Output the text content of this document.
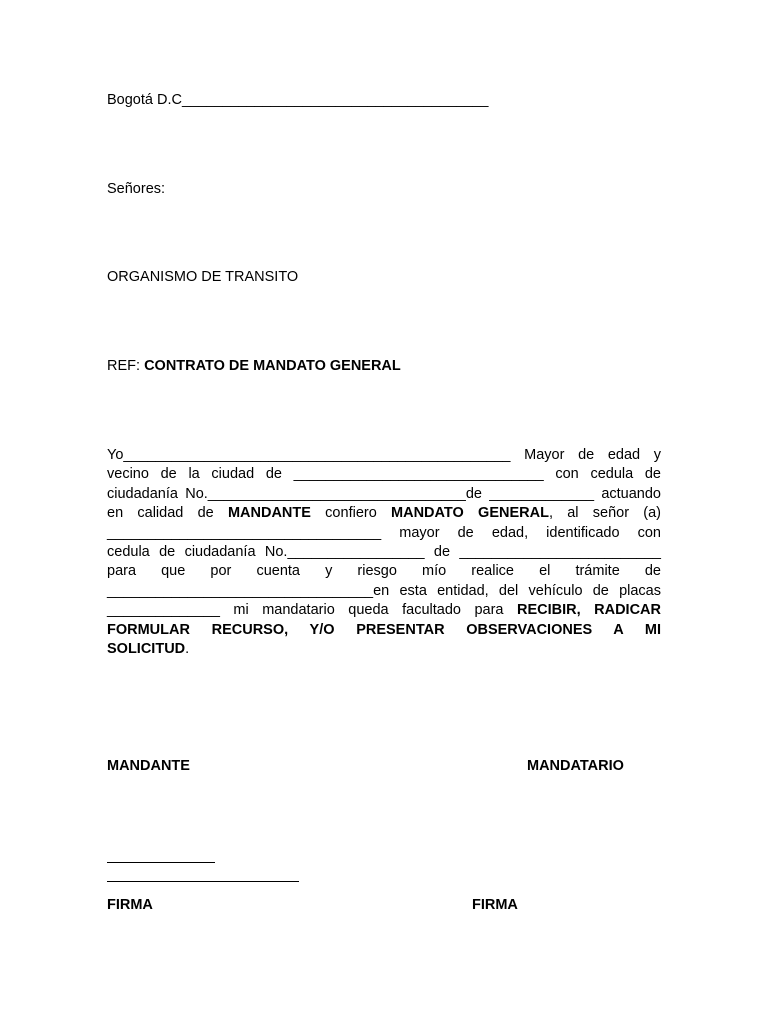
Bogotá D.C______________________________________
Señores:
ORGANISMO DE TRANSITO
REF: CONTRATO DE MANDATO GENERAL
Yo________________________________________________ Mayor de edad y
vecino de la ciudad de _______________________________ con cedula de
ciudadanía No.________________________________de _____________ actuando
en calidad de MANDANTE confiero MANDATO GENERAL, al señor (a)
__________________________________ mayor de edad, identificado con
cedula de ciudadanía No._________________ de _________________________
para que por cuenta y riesgo mío realice el trámite de
_________________________________en esta entidad, del vehículo de placas
______________ mi mandatario queda facultado para RECIBIR, RADICAR
FORMULAR RECURSO, Y/O PRESENTAR OBSERVACIONES A MI
SOLICITUD.
MANDANTE	MANDATARIO
FIRMA	FIRMA
